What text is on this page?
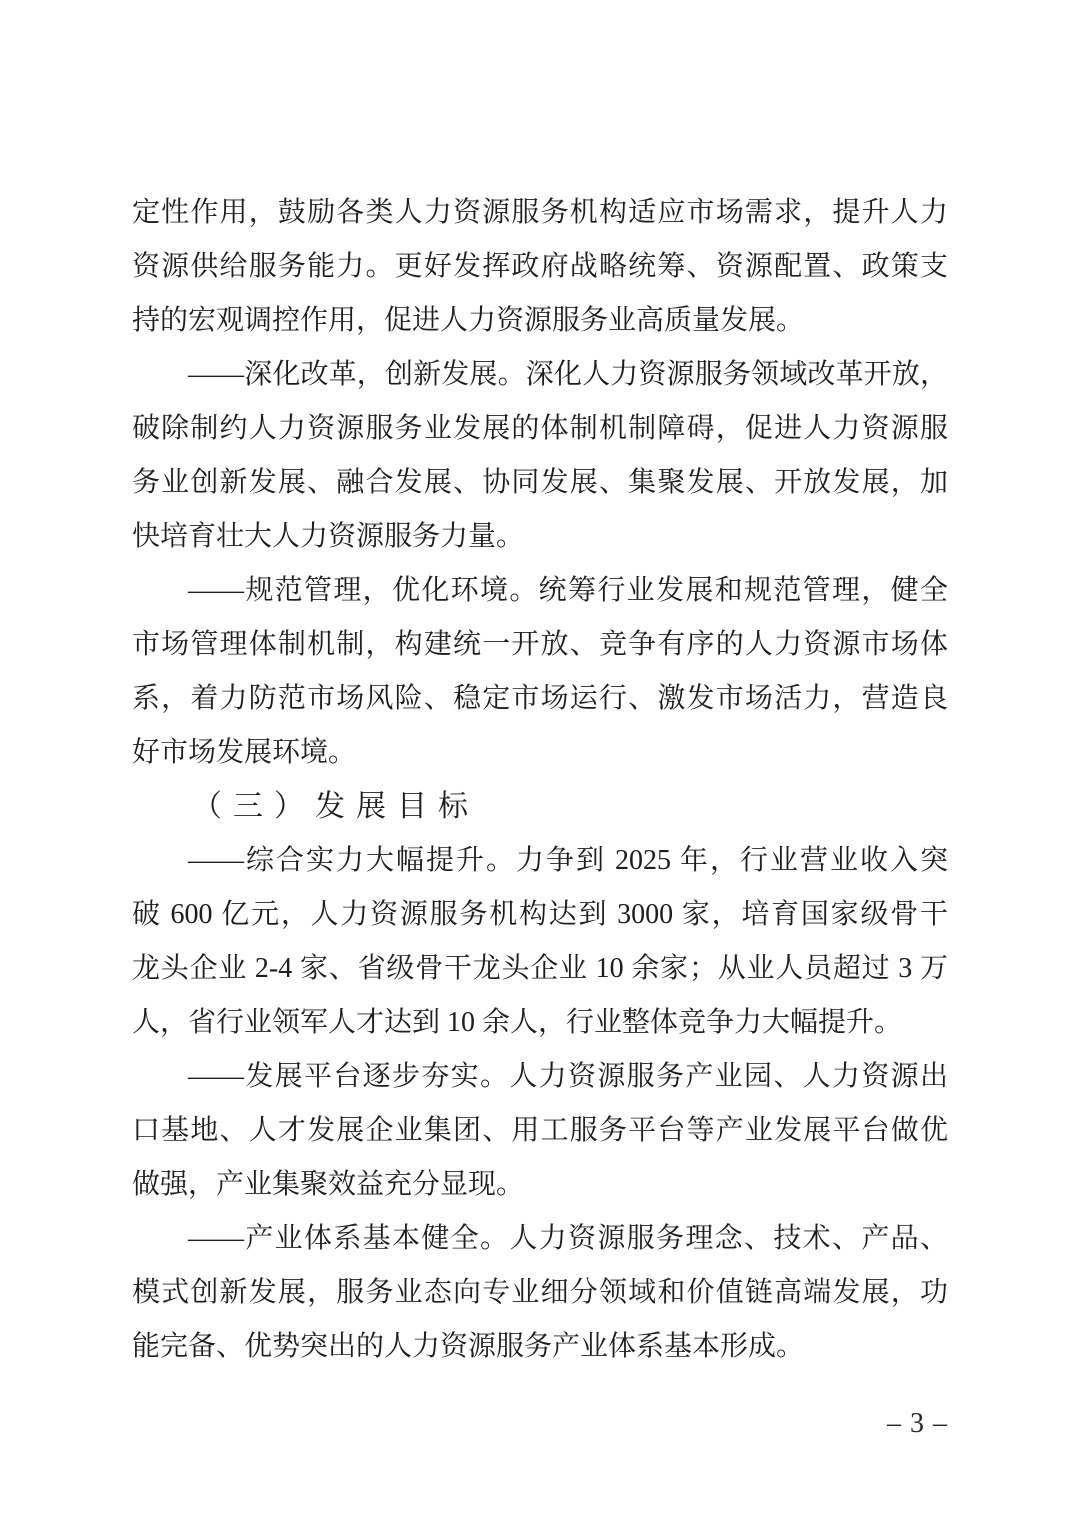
定性作用，鼓励各类人力资源服务机构适应市场需求，提升人力
资源供给服务能力。更好发挥政府战略统筹、资源配置、政策支
持的宏观调控作用，促进人力资源服务业高质量发展。
——深化改革，创新发展。深化人力资源服务领域改革开放，
破除制约人力资源服务业发展的体制机制障碍，促进人力资源服
务业创新发展、融合发展、协同发展、集聚发展、开放发展，加
快培育壮大人力资源服务力量。
——规范管理，优化环境。统筹行业发展和规范管理，健全
市场管理体制机制，构建统一开放、竞争有序的人力资源市场体
系，着力防范市场风险、稳定市场运行、激发市场活力，营造良
好市场发展环境。
（三）发展目标
——综合实力大幅提升。力争到 2025 年，行业营业收入突
破 600 亿元，人力资源服务机构达到 3000 家，培育国家级骨干
龙头企业 2-4 家、省级骨干龙头企业 10 余家；从业人员超过 3 万
人，省行业领军人才达到 10 余人，行业整体竞争力大幅提升。
——发展平台逐步夯实。人力资源服务产业园、人力资源出
口基地、人才发展企业集团、用工服务平台等产业发展平台做优
做强，产业集聚效益充分显现。
——产业体系基本健全。人力资源服务理念、技术、产品、
模式创新发展，服务业态向专业细分领域和价值链高端发展，功
能完备、优势突出的人力资源服务产业体系基本形成。
– 3 –
